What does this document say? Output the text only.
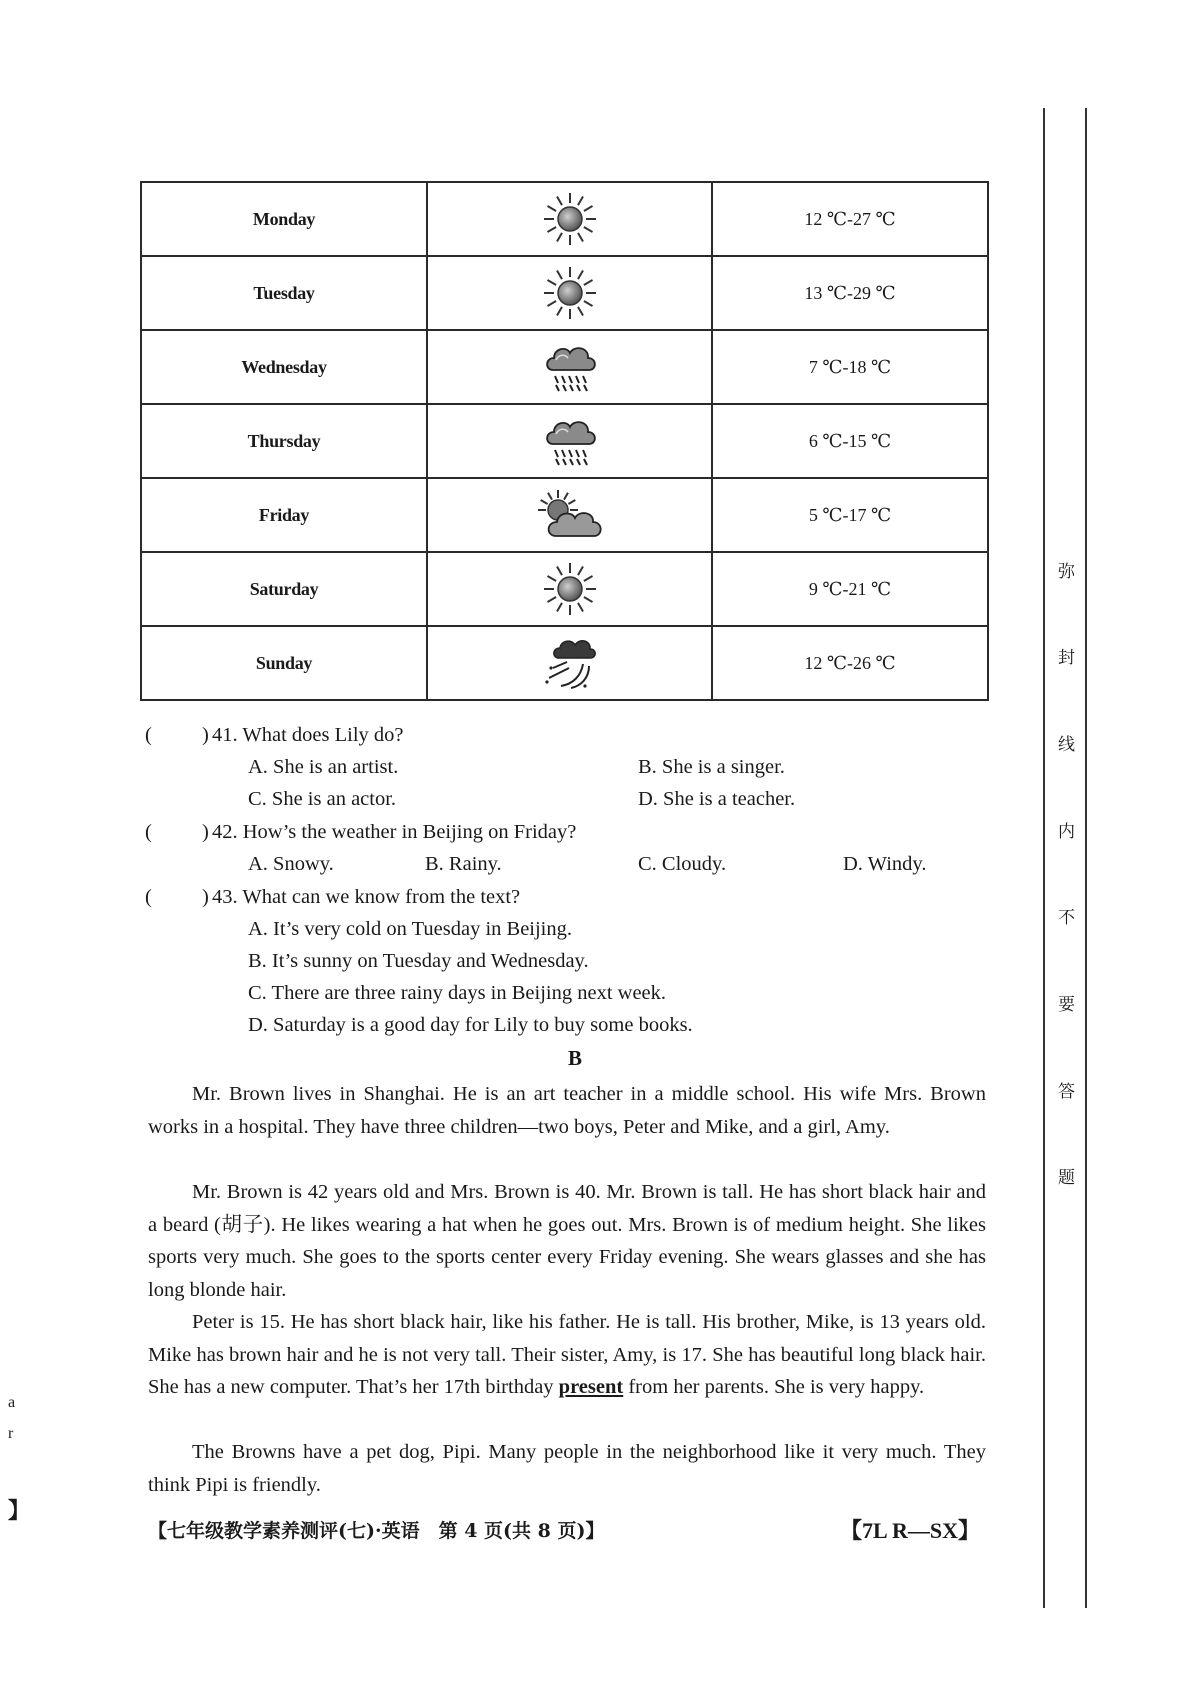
Monday		12 ℃-27 ℃
Tuesday		13 ℃-29 ℃
Wednesday		7 ℃-18 ℃
Thursday		6 ℃-15 ℃
Friday		5 ℃-17 ℃
Saturday		9 ℃-21 ℃
Sunday		12 ℃-26 ℃
( ) 41. What does Lily do?
A. She is an artist.	B. She is a singer.
C. She is an actor.	D. She is a teacher.
( ) 42. How’s the weather in Beijing on Friday?
A. Snowy.	B. Rainy.	C. Cloudy.	D. Windy.
( ) 43. What can we know from the text?
A. It’s very cold on Tuesday in Beijing.
B. It’s sunny on Tuesday and Wednesday.
C. There are three rainy days in Beijing next week.
D. Saturday is a good day for Lily to buy some books.
B

Mr. Brown lives in Shanghai. He is an art teacher in a middle school. His wife Mrs. Brown works in a hospital. They have three children—two boys, Peter and Mike, and a girl, Amy.

Mr. Brown is 42 years old and Mrs. Brown is 40. Mr. Brown is tall. He has short black hair and a beard (胡子). He likes wearing a hat when he goes out. Mrs. Brown is of medium height. She likes sports very much. She goes to the sports center every Friday evening. She wears glasses and she has long blonde hair.

Peter is 15. He has short black hair, like his father. He is tall. His brother, Mike, is 13 years old. Mike has brown hair and he is not very tall. Their sister, Amy, is 17. She has beautiful long black hair. She has a new computer. That’s her 17th birthday present from her parents. She is very happy.

The Browns have a pet dog, Pipi. Many people in the neighborhood like it very much. They think Pipi is friendly.

【七年级教学素养测评(七)·英语　第 4 页(共 8 页)】	【7L R—SX】
弥
封
线
内
不
要
答
题
a
r
】
